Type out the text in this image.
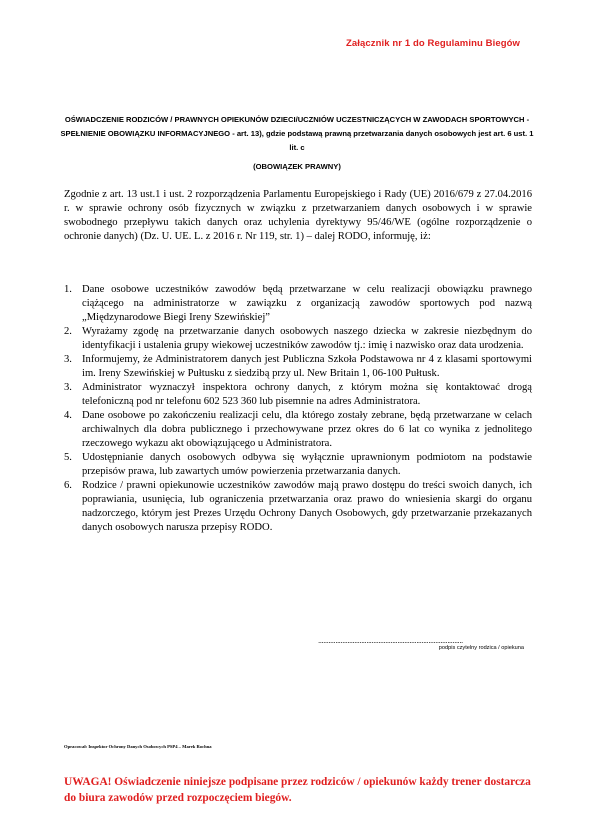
Załącznik nr 1 do Regulaminu Biegów
OŚWIADCZENIE RODZICÓW / PRAWNYCH OPIEKUNÓW DZIECI/UCZNIÓW UCZESTNICZĄCYCH W ZAWODACH SPORTOWYCH - SPEŁNIENIE OBOWIĄZKU INFORMACYJNEGO - art. 13), gdzie podstawą prawną przetwarzania danych osobowych jest art. 6 ust. 1 lit. c
(OBOWIĄZEK PRAWNY)
Zgodnie z art. 13 ust.1 i ust. 2 rozporządzenia Parlamentu Europejskiego i Rady (UE) 2016/679 z 27.04.2016 r. w sprawie ochrony osób fizycznych w związku z przetwarzaniem danych osobowych i w sprawie swobodnego przepływu takich danych oraz uchylenia dyrektywy 95/46/WE (ogólne rozporządzenie o ochronie danych) (Dz. U. UE. L. z 2016 r. Nr 119, str. 1) – dalej RODO, informuję, iż:
1. Dane osobowe uczestników zawodów będą przetwarzane w celu realizacji obowiązku prawnego ciążącego na administratorze w zawiązku z organizacją zawodów sportowych pod nazwą „Międzynarodowe Biegi Ireny Szewińskiej”
2. Wyrażamy zgodę na przetwarzanie danych osobowych naszego dziecka w zakresie niezbędnym do identyfikacji i ustalenia grupy wiekowej uczestników zawodów tj.: imię i nazwisko oraz data urodzenia.
3. Informujemy, że Administratorem danych jest Publiczna Szkoła Podstawowa nr 4 z klasami sportowymi im. Ireny Szewińskiej w Pułtusku z siedzibą przy ul. New Britain 1, 06-100 Pułtusk.
3. Administrator wyznaczył inspektora ochrony danych, z którym można się kontaktować drogą telefoniczną pod nr telefonu 602 523 360 lub pisemnie na adres Administratora.
4. Dane osobowe po zakończeniu realizacji celu, dla którego zostały zebrane, będą przetwarzane w celach archiwalnych dla dobra publicznego i przechowywane przez okres do 6 lat co wynika z jednolitego rzeczowego wykazu akt obowiązującego u Administratora.
5. Udostępnianie danych osobowych odbywa się wyłącznie uprawnionym podmiotom na podstawie przepisów prawa, lub zawartych umów powierzenia przetwarzania danych.
6. Rodzice / prawni opiekunowie uczestników zawodów mają prawo dostępu do treści swoich danych, ich poprawiania, usunięcia, lub ograniczenia przetwarzania oraz prawo do wniesienia skargi do organu nadzorczego, którym jest Prezes Urzędu Ochrony Danych Osobowych, gdy przetwarzanie przekazanych danych osobowych narusza przepisy RODO.
....................................................................................
podpis czytelny rodzica / opiekuna
Opracował: Inspektor Ochrony Danych Osobowych PSP4 – Marek Rochna
UWAGA! Oświadczenie niniejsze podpisane przez rodziców / opiekunów każdy trener dostarcza do biura zawodów przed rozpoczęciem biegów.
